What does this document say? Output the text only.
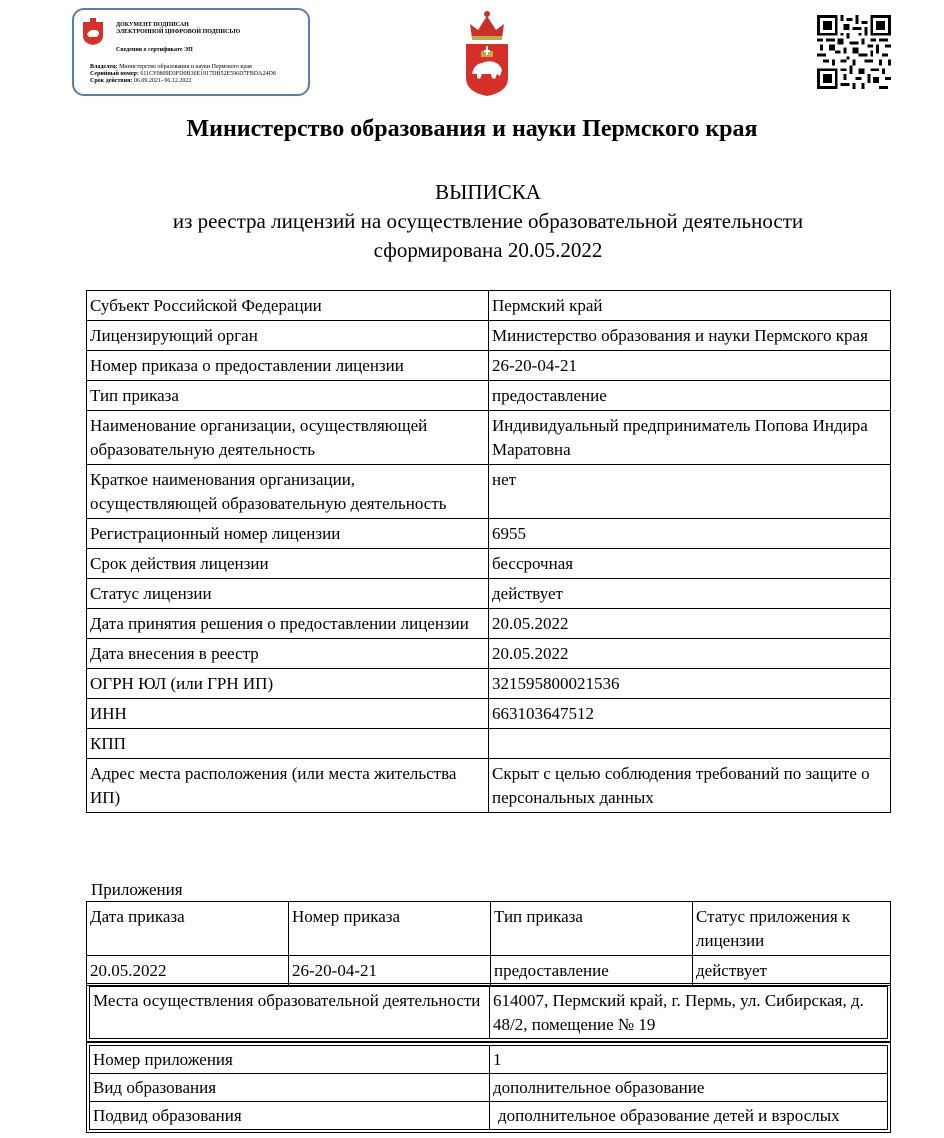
ДОКУМЕНТ ПОДПИСАН
ЭЛЕКТРОННОЙ ЦИФРОВОЙ ПОДПИСЬЮ
Сведения о сертификате ЭП
Владелец: Министерство образования и науки Пермского края
Серийный номер: 611CF0809D3FD0B36E1917DB52E596D7FBDA24D8
Срок действия: 06.09.2021- 06.12.2022
Министерство образования и науки Пермского края
ВЫПИСКА
из реестра лицензий на осуществление образовательной деятельности
сформирована 20.05.2022
Субъект Российской Федерации	Пермский край
Лицензирующий орган	Министерство образования и науки Пермского края
Номер приказа о предоставлении лицензии	26-20-04-21
Тип приказа	предоставление
Наименование организации, осуществляющей образовательную деятельность	Индивидуальный предприниматель Попова Индира Маратовна
Краткое наименования организации, осуществляющей образовательную деятельность	нет
Регистрационный номер лицензии	6955
Срок действия лицензии	бессрочная
Статус лицензии	действует
Дата принятия решения о предоставлении лицензии	20.05.2022
Дата внесения в реестр	20.05.2022
ОГРН ЮЛ (или ГРН ИП)	321595800021536
ИНН	663103647512
КПП	
Адрес места расположения (или места жительства ИП)	Скрыт с целью соблюдения требований по защите о персональных данных
Приложения
Дата приказа	Номер приказа	Тип приказа	Статус приложения к лицензии
20.05.2022	26-20-04-21	предоставление	действует
Места осуществления образовательной деятельности	614007, Пермский край, г. Пермь, ул. Сибирская, д. 48/2, помещение № 19
Номер приложения	1
Вид образования	дополнительное образование
Подвид образования	дополнительное образование детей и взрослых
